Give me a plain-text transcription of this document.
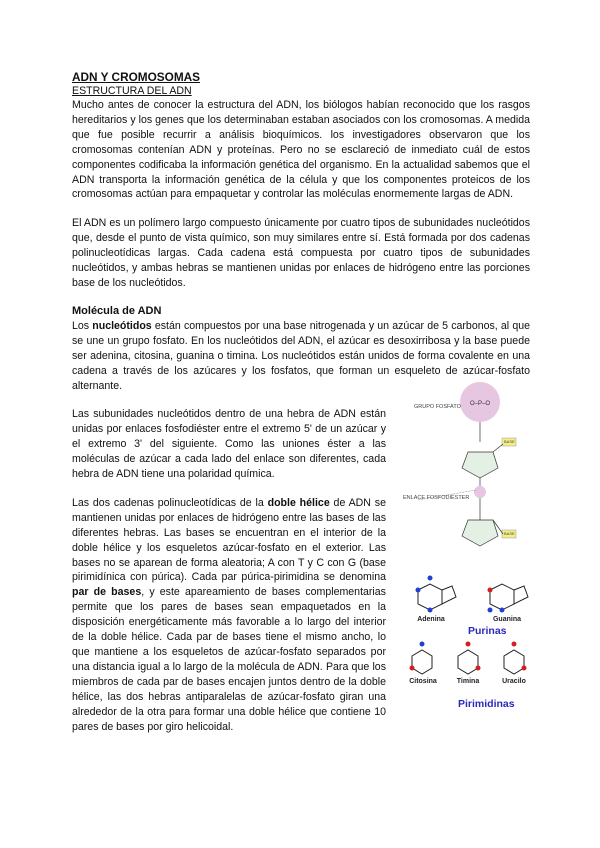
ADN Y CROMOSOMAS
ESTRUCTURA DEL ADN

Mucho antes de conocer la estructura del ADN, los biólogos habían reconocido que los rasgos hereditarios y los genes que los determinaban estaban asociados con los cromosomas. A medida que fue posible recurrir a análisis bioquímicos. los investigadores observaron que los cromosomas contenían ADN y proteínas. Pero no se esclareció de inmediato cuál de estos componentes codificaba la información genética del organismo. En la actualidad sabemos que el ADN transporta la información genética de la célula y que los componentes proteicos de los cromosomas actúan para empaquetar y controlar las moléculas enormemente largas de ADN.

El ADN es un polímero largo compuesto únicamente por cuatro tipos de subunidades nucleótidos que, desde el punto de vista químico, son muy similares entre sí. Está formada por dos cadenas polinucleotídicas largas. Cada cadena está compuesta por cuatro tipos de subunidades nucleótidos, y ambas hebras se mantienen unidas por enlaces de hidrógeno entre las porciones base de los nucleótidos.

Molécula de ADN

Los nucleótidos están compuestos por una base nitrogenada y un azúcar de 5 carbonos, al que se une un grupo fosfato. En los nucleótidos del ADN, el azúcar es desoxirribosa y la base puede ser adenina, citosina, guanina o timina. Los nucleótidos están unidos de forma covalente en una cadena a través de los azúcares y los fosfatos, que forman un esqueleto de azúcar-fosfato alternante.

Las subunidades nucleótidos dentro de una hebra de ADN están unidas por enlaces fosfodiéster entre el extremo 5' de un azúcar y el extremo 3' del siguiente. Como las uniones éster a las moléculas de azúcar a cada lado del enlace son diferentes, cada hebra de ADN tiene una polaridad química.

Las dos cadenas polinucleotídicas de la doble hélice de ADN se mantienen unidas por enlaces de hidrógeno entre las bases de las diferentes hebras. Las bases se encuentran en el interior de la doble hélice y los esqueletos azúcar-fosfato en el exterior. Las bases no se aparean de forma aleatoria; A con T y C con G (base pirimidínica con púrica). Cada par púrica-pirimidina se denomina par de bases, y este apareamiento de bases complementarias permite que los pares de bases sean empaquetados en la disposición energéticamente más favorable a lo largo del interior de la doble hélice. Cada par de bases tiene el mismo ancho, lo que mantiene a los esqueletos de azúcar-fosfato separados por una distancia igual a lo largo de la molécula de ADN. Para que los miembros de cada par de bases encajen juntos dentro de la doble hélice, las dos hebras antiparalelas de azúcar-fosfato giran una alrededor de la otra para formar una doble hélice que contiene 10 pares de bases por giro helicoidal.

O–P–O
GRUPO FOSFATO
ENLACE FOSFODIÉSTER
BASE
BASE
Adenina	Guanina
Purinas
Citosina	Timina	Uracilo
Pirimidinas
